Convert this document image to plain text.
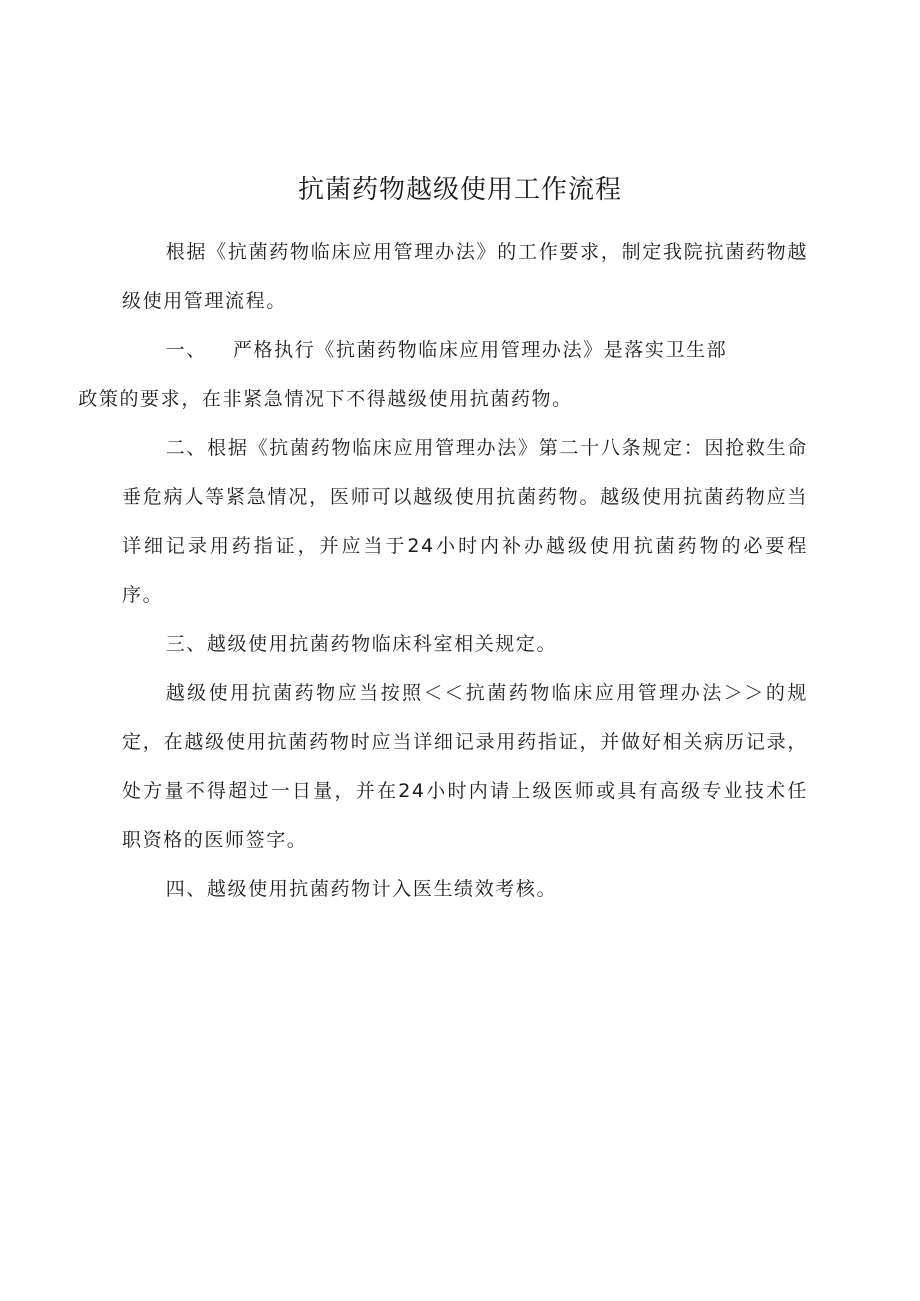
抗菌药物越级使用工作流程
根据《抗菌药物临床应用管理办法》的工作要求，制定我院抗菌药物越级使用管理流程。
一、 严格执行《抗菌药物临床应用管理办法》是落实卫生部
政策的要求，在非紧急情况下不得越级使用抗菌药物。
二、根据《抗菌药物临床应用管理办法》第二十八条规定：因抢救生命垂危病人等紧急情况，医师可以越级使用抗菌药物。越级使用抗菌药物应当详细记录用药指证，并应当于24小时内补办越级使用抗菌药物的必要程序。
三、越级使用抗菌药物临床科室相关规定。
越级使用抗菌药物应当按照＜＜抗菌药物临床应用管理办法＞＞的规定，在越级使用抗菌药物时应当详细记录用药指证，并做好相关病历记录，处方量不得超过一日量，并在24小时内请上级医师或具有高级专业技术任职资格的医师签字。
四、越级使用抗菌药物计入医生绩效考核。
